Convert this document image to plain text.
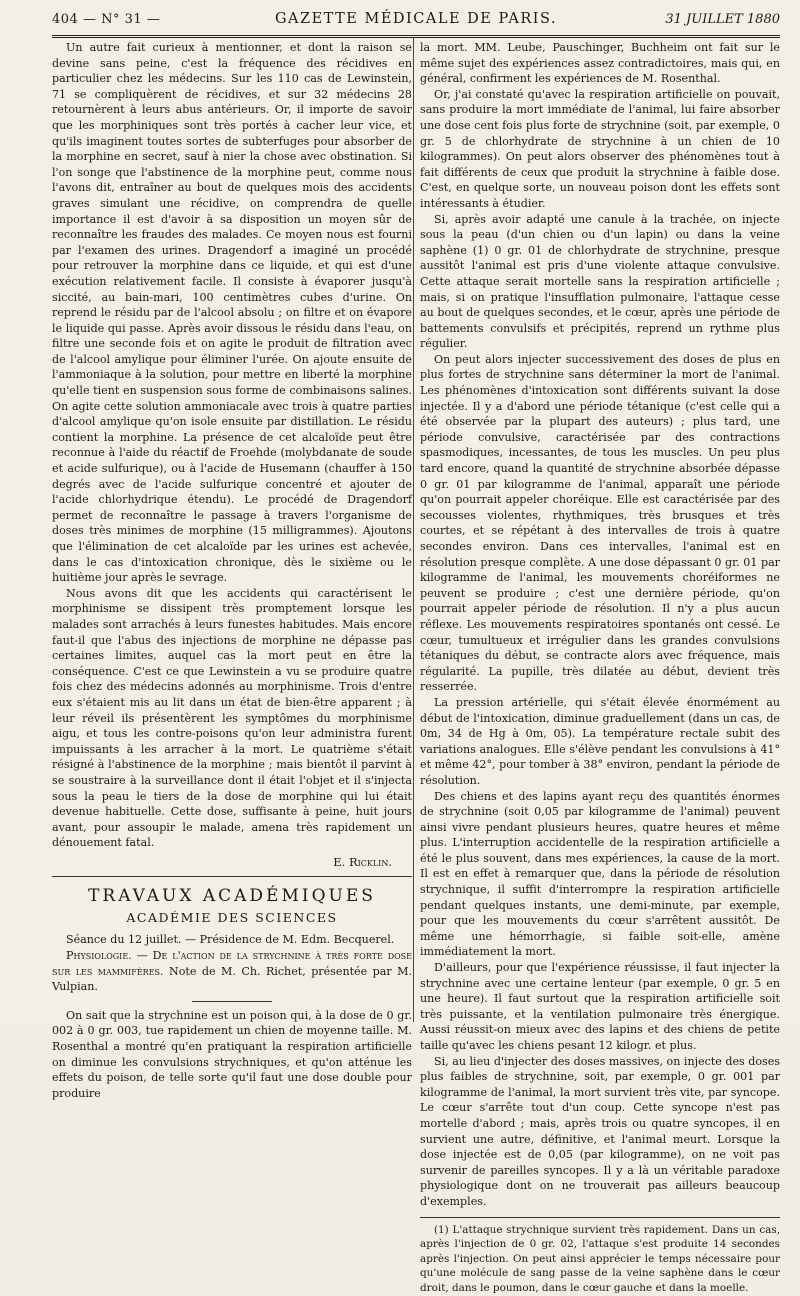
404 — N° 31 —	GAZETTE MÉDICALE DE PARIS.	31 JUILLET 1880

Un autre fait curieux à mentionner, et dont la raison se devine sans peine, c'est la fréquence des récidives en particulier chez les médecins. Sur les 110 cas de Lewinstein, 71 se compliquèrent de récidives, et sur 32 médecins 28 retournèrent à leurs abus antérieurs. Or, il importe de savoir que les morphiniques sont très portés à cacher leur vice, et qu'ils imaginent toutes sortes de subterfuges pour absorber de la morphine en secret, sauf à nier la chose avec obstination. Si l'on songe que l'abstinence de la morphine peut, comme nous l'avons dit, entraîner au bout de quelques mois des accidents graves simulant une récidive, on comprendra de quelle importance il est d'avoir à sa disposition un moyen sûr de reconnaître les fraudes des malades. Ce moyen nous est fourni par l'examen des urines. Dragendorf a imaginé un procédé pour retrouver la morphine dans ce liquide, et qui est d'une exécution relativement facile. Il consiste à évaporer jusqu'à siccité, au bain-mari, 100 centimètres cubes d'urine. On reprend le résidu par de l'alcool absolu ; on filtre et on évapore le liquide qui passe. Après avoir dissous le résidu dans l'eau, on filtre une seconde fois et on agite le produit de filtration avec de l'alcool amylique pour éliminer l'urée. On ajoute ensuite de l'ammoniaque à la solution, pour mettre en liberté la morphine qu'elle tient en suspension sous forme de combinaisons salines. On agite cette solution ammoniacale avec trois à quatre parties d'alcool amylique qu'on isole ensuite par distillation. Le résidu contient la morphine. La présence de cet alcaloïde peut être reconnue à l'aide du réactif de Froehde (molybdanate de soude et acide sulfurique), ou à l'acide de Husemann (chauffer à 150 degrés avec de l'acide sulfurique concentré et ajouter de l'acide chlorhydrique étendu). Le procédé de Dragendorf permet de reconnaître le passage à travers l'organisme de doses très minimes de morphine (15 milligrammes). Ajoutons que l'élimination de cet alcaloïde par les urines est achevée, dans le cas d'intoxication chronique, dès le sixième ou le huitième jour après le sevrage.

Nous avons dit que les accidents qui caractérisent le morphinisme se dissipent très promptement lorsque les malades sont arrachés à leurs funestes habitudes. Mais encore faut-il que l'abus des injections de morphine ne dépasse pas certaines limites, auquel cas la mort peut en être la conséquence. C'est ce que Lewinstein a vu se produire quatre fois chez des médecins adonnés au morphinisme. Trois d'entre eux s'étaient mis au lit dans un état de bien-être apparent ; à leur réveil ils présentèrent les symptômes du morphinisme aigu, et tous les contre-poisons qu'on leur administra furent impuissants à les arracher à la mort. Le quatrième s'était résigné à l'abstinence de la morphine ; mais bientôt il parvint à se soustraire à la surveillance dont il était l'objet et il s'injecta sous la peau le tiers de la dose de morphine qui lui était devenue habituelle. Cette dose, suffisante à peine, huit jours avant, pour assoupir le malade, amena très rapidement un dénouement fatal.

E. Ricklin.
TRAVAUX ACADÉMIQUES
ACADÉMIE DES SCIENCES

Séance du 12 juillet. — Présidence de M. Edm. Becquerel.

Physiologie. — De l'action de la strychnine à très forte dose sur les mammifères. Note de M. Ch. Richet, présentée par M. Vulpian.

On sait que la strychnine est un poison qui, à la dose de 0 gr. 002 à 0 gr. 003, tue rapidement un chien de moyenne taille. M. Rosenthal a montré qu'en pratiquant la respiration artificielle on diminue les convulsions strychniques, et qu'on atténue les effets du poison, de telle sorte qu'il faut une dose double pour produire

la mort. MM. Leube, Pauschinger, Buchheim ont fait sur le même sujet des expériences assez contradictoires, mais qui, en général, confirment les expériences de M. Rosenthal.

Or, j'ai constaté qu'avec la respiration artificielle on pouvait, sans produire la mort immédiate de l'animal, lui faire absorber une dose cent fois plus forte de strychnine (soit, par exemple, 0 gr. 5 de chlorhydrate de strychnine à un chien de 10 kilogrammes). On peut alors observer des phénomènes tout à fait différents de ceux que produit la strychnine à faible dose. C'est, en quelque sorte, un nouveau poison dont les effets sont intéressants à étudier.

Si, après avoir adapté une canule à la trachée, on injecte sous la peau (d'un chien ou d'un lapin) ou dans la veine saphène (1) 0 gr. 01 de chlorhydrate de strychnine, presque aussitôt l'animal est pris d'une violente attaque convulsive. Cette attaque serait mortelle sans la respiration artificielle ; mais, si on pratique l'insufflation pulmonaire, l'attaque cesse au bout de quelques secondes, et le cœur, après une période de battements convulsifs et précipités, reprend un rythme plus régulier.

On peut alors injecter successivement des doses de plus en plus fortes de strychnine sans déterminer la mort de l'animal. Les phénomènes d'intoxication sont différents suivant la dose injectée. Il y a d'abord une période tétanique (c'est celle qui a été observée par la plupart des auteurs) ; plus tard, une période convulsive, caractérisée par des contractions spasmodiques, incessantes, de tous les muscles. Un peu plus tard encore, quand la quantité de strychnine absorbée dépasse 0 gr. 01 par kilogramme de l'animal, apparaît une période qu'on pourrait appeler choréique. Elle est caractérisée par des secousses violentes, rhythmiques, très brusques et très courtes, et se répétant à des intervalles de trois à quatre secondes environ. Dans ces intervalles, l'animal est en résolution presque complète. A une dose dépassant 0 gr. 01 par kilogramme de l'animal, les mouvements choréiformes ne peuvent se produire ; c'est une dernière période, qu'on pourrait appeler période de résolution. Il n'y a plus aucun réflexe. Les mouvements respiratoires spontanés ont cessé. Le cœur, tumultueux et irrégulier dans les grandes convulsions tétaniques du début, se contracte alors avec fréquence, mais régularité. La pupille, très dilatée au début, devient très resserrée.

La pression artérielle, qui s'était élevée énormément au début de l'intoxication, diminue graduellement (dans un cas, de 0m, 34 de Hg à 0m, 05). La température rectale subit des variations analogues. Elle s'élève pendant les convulsions à 41° et même 42°, pour tomber à 38° environ, pendant la période de résolution.

Des chiens et des lapins ayant reçu des quantités énormes de strychnine (soit 0,05 par kilogramme de l'animal) peuvent ainsi vivre pendant plusieurs heures, quatre heures et même plus. L'interruption accidentelle de la respiration artificielle a été le plus souvent, dans mes expériences, la cause de la mort. Il est en effet à remarquer que, dans la période de résolution strychnique, il suffit d'interrompre la respiration artificielle pendant quelques instants, une demi-minute, par exemple, pour que les mouvements du cœur s'arrêtent aussitôt. De même une hémorrhagie, si faible soit-elle, amène immédiatement la mort.

D'ailleurs, pour que l'expérience réussisse, il faut injecter la strychnine avec une certaine lenteur (par exemple, 0 gr. 5 en une heure). Il faut surtout que la respiration artificielle soit très puissante, et la ventilation pulmonaire très énergique. Aussi réussit-on mieux avec des lapins et des chiens de petite taille qu'avec les chiens pesant 12 kilogr. et plus.

Si, au lieu d'injecter des doses massives, on injecte des doses plus faibles de strychnine, soit, par exemple, 0 gr. 001 par kilogramme de l'animal, la mort survient très vite, par syncope. Le cœur s'arrête tout d'un coup. Cette syncope n'est pas mortelle d'abord ; mais, après trois ou quatre syncopes, il en survient une autre, définitive, et l'animal meurt. Lorsque la dose injectée est de 0,05 (par kilogramme), on ne voit pas survenir de pareilles syncopes. Il y a là un véritable paradoxe physiologique dont on ne trouverait pas ailleurs beaucoup d'exemples.

(1) L'attaque strychnique survient très rapidement. Dans un cas, après l'injection de 0 gr. 02, l'attaque s'est produite 14 secondes après l'injection. On peut ainsi apprécier le temps nécessaire pour qu'une molécule de sang passe de la veine saphène dans le cœur droit, dans le poumon, dans le cœur gauche et dans la moelle.
